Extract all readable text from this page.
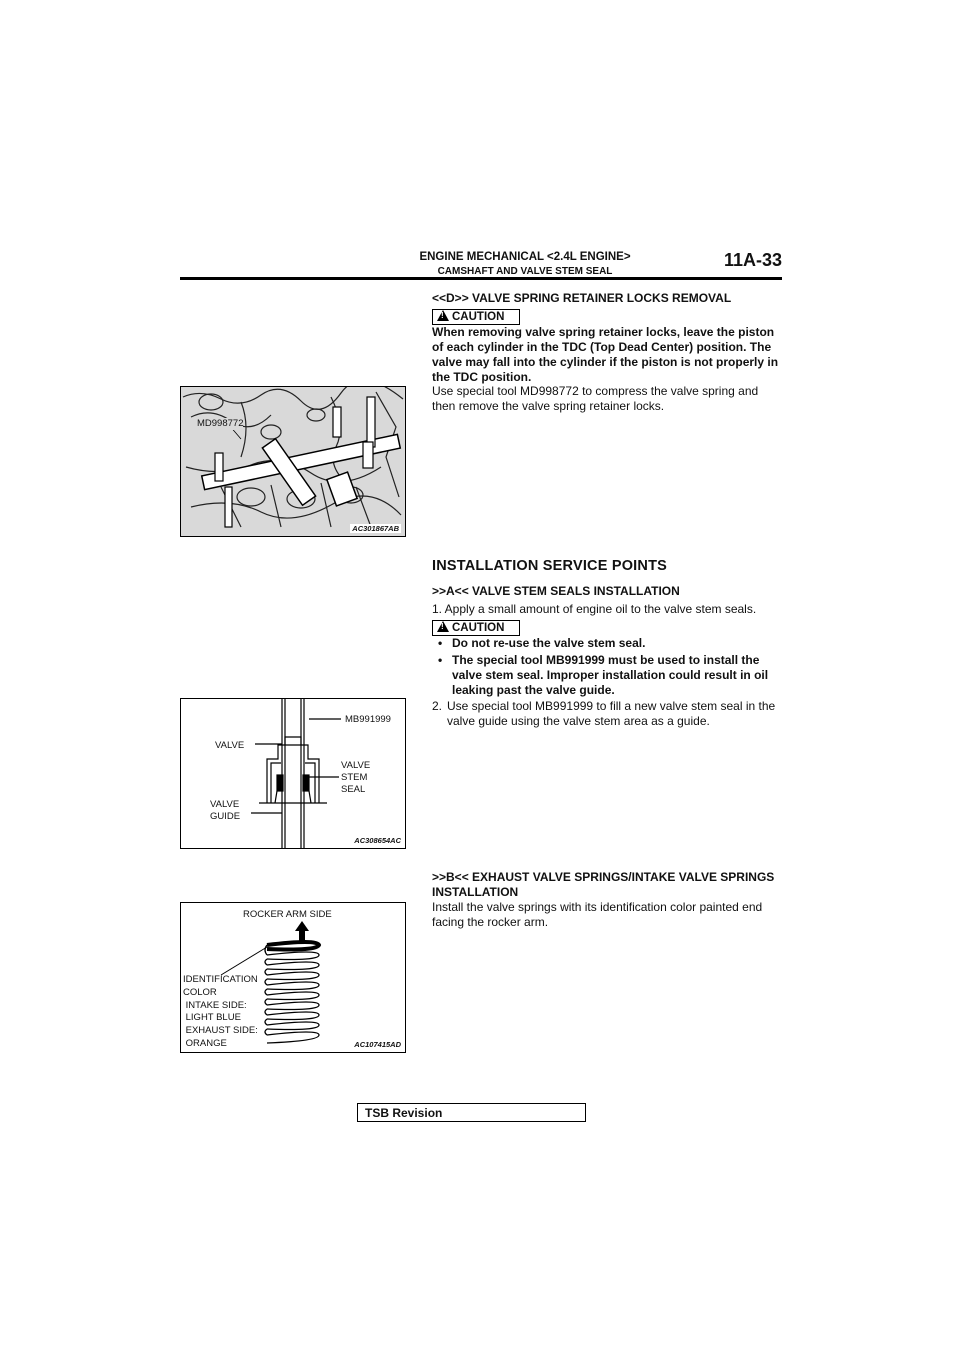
ENGINE MECHANICAL <2.4L ENGINE>
CAMSHAFT AND VALVE STEM SEAL
11A-33
<<D>> VALVE SPRING RETAINER LOCKS REMOVAL
!CAUTION
When removing valve spring retainer locks, leave the piston of each cylinder in the TDC (Top Dead Center) position. The valve may fall into the cylinder if the piston is not properly in the TDC position.
Use special tool MD998772 to compress the valve spring and then remove the valve spring retainer locks.
MD998772
AC301867AB
INSTALLATION SERVICE POINTS
>>A<< VALVE STEM SEALS INSTALLATION
1. Apply a small amount of engine oil to the valve stem seals.
!CAUTION
• Do not re-use the valve stem seal.
• The special tool MB991999 must be used to install the valve stem seal. Improper installation could result in oil leaking past the valve guide.
2. Use special tool MB991999 to fill a new valve stem seal in the valve guide using the valve stem area as a guide.
MB991999
VALVE
VALVE
STEM
SEAL
VALVE
GUIDE
AC308654AC
>>B<< EXHAUST VALVE SPRINGS/INTAKE VALVE SPRINGS INSTALLATION
Install the valve springs with its identification color painted end facing the rocker arm.
ROCKER ARM SIDE
IDENTIFICATION
COLOR
INTAKE SIDE:
LIGHT BLUE
EXHAUST SIDE:
ORANGE	AC107415AD
TSB Revision
